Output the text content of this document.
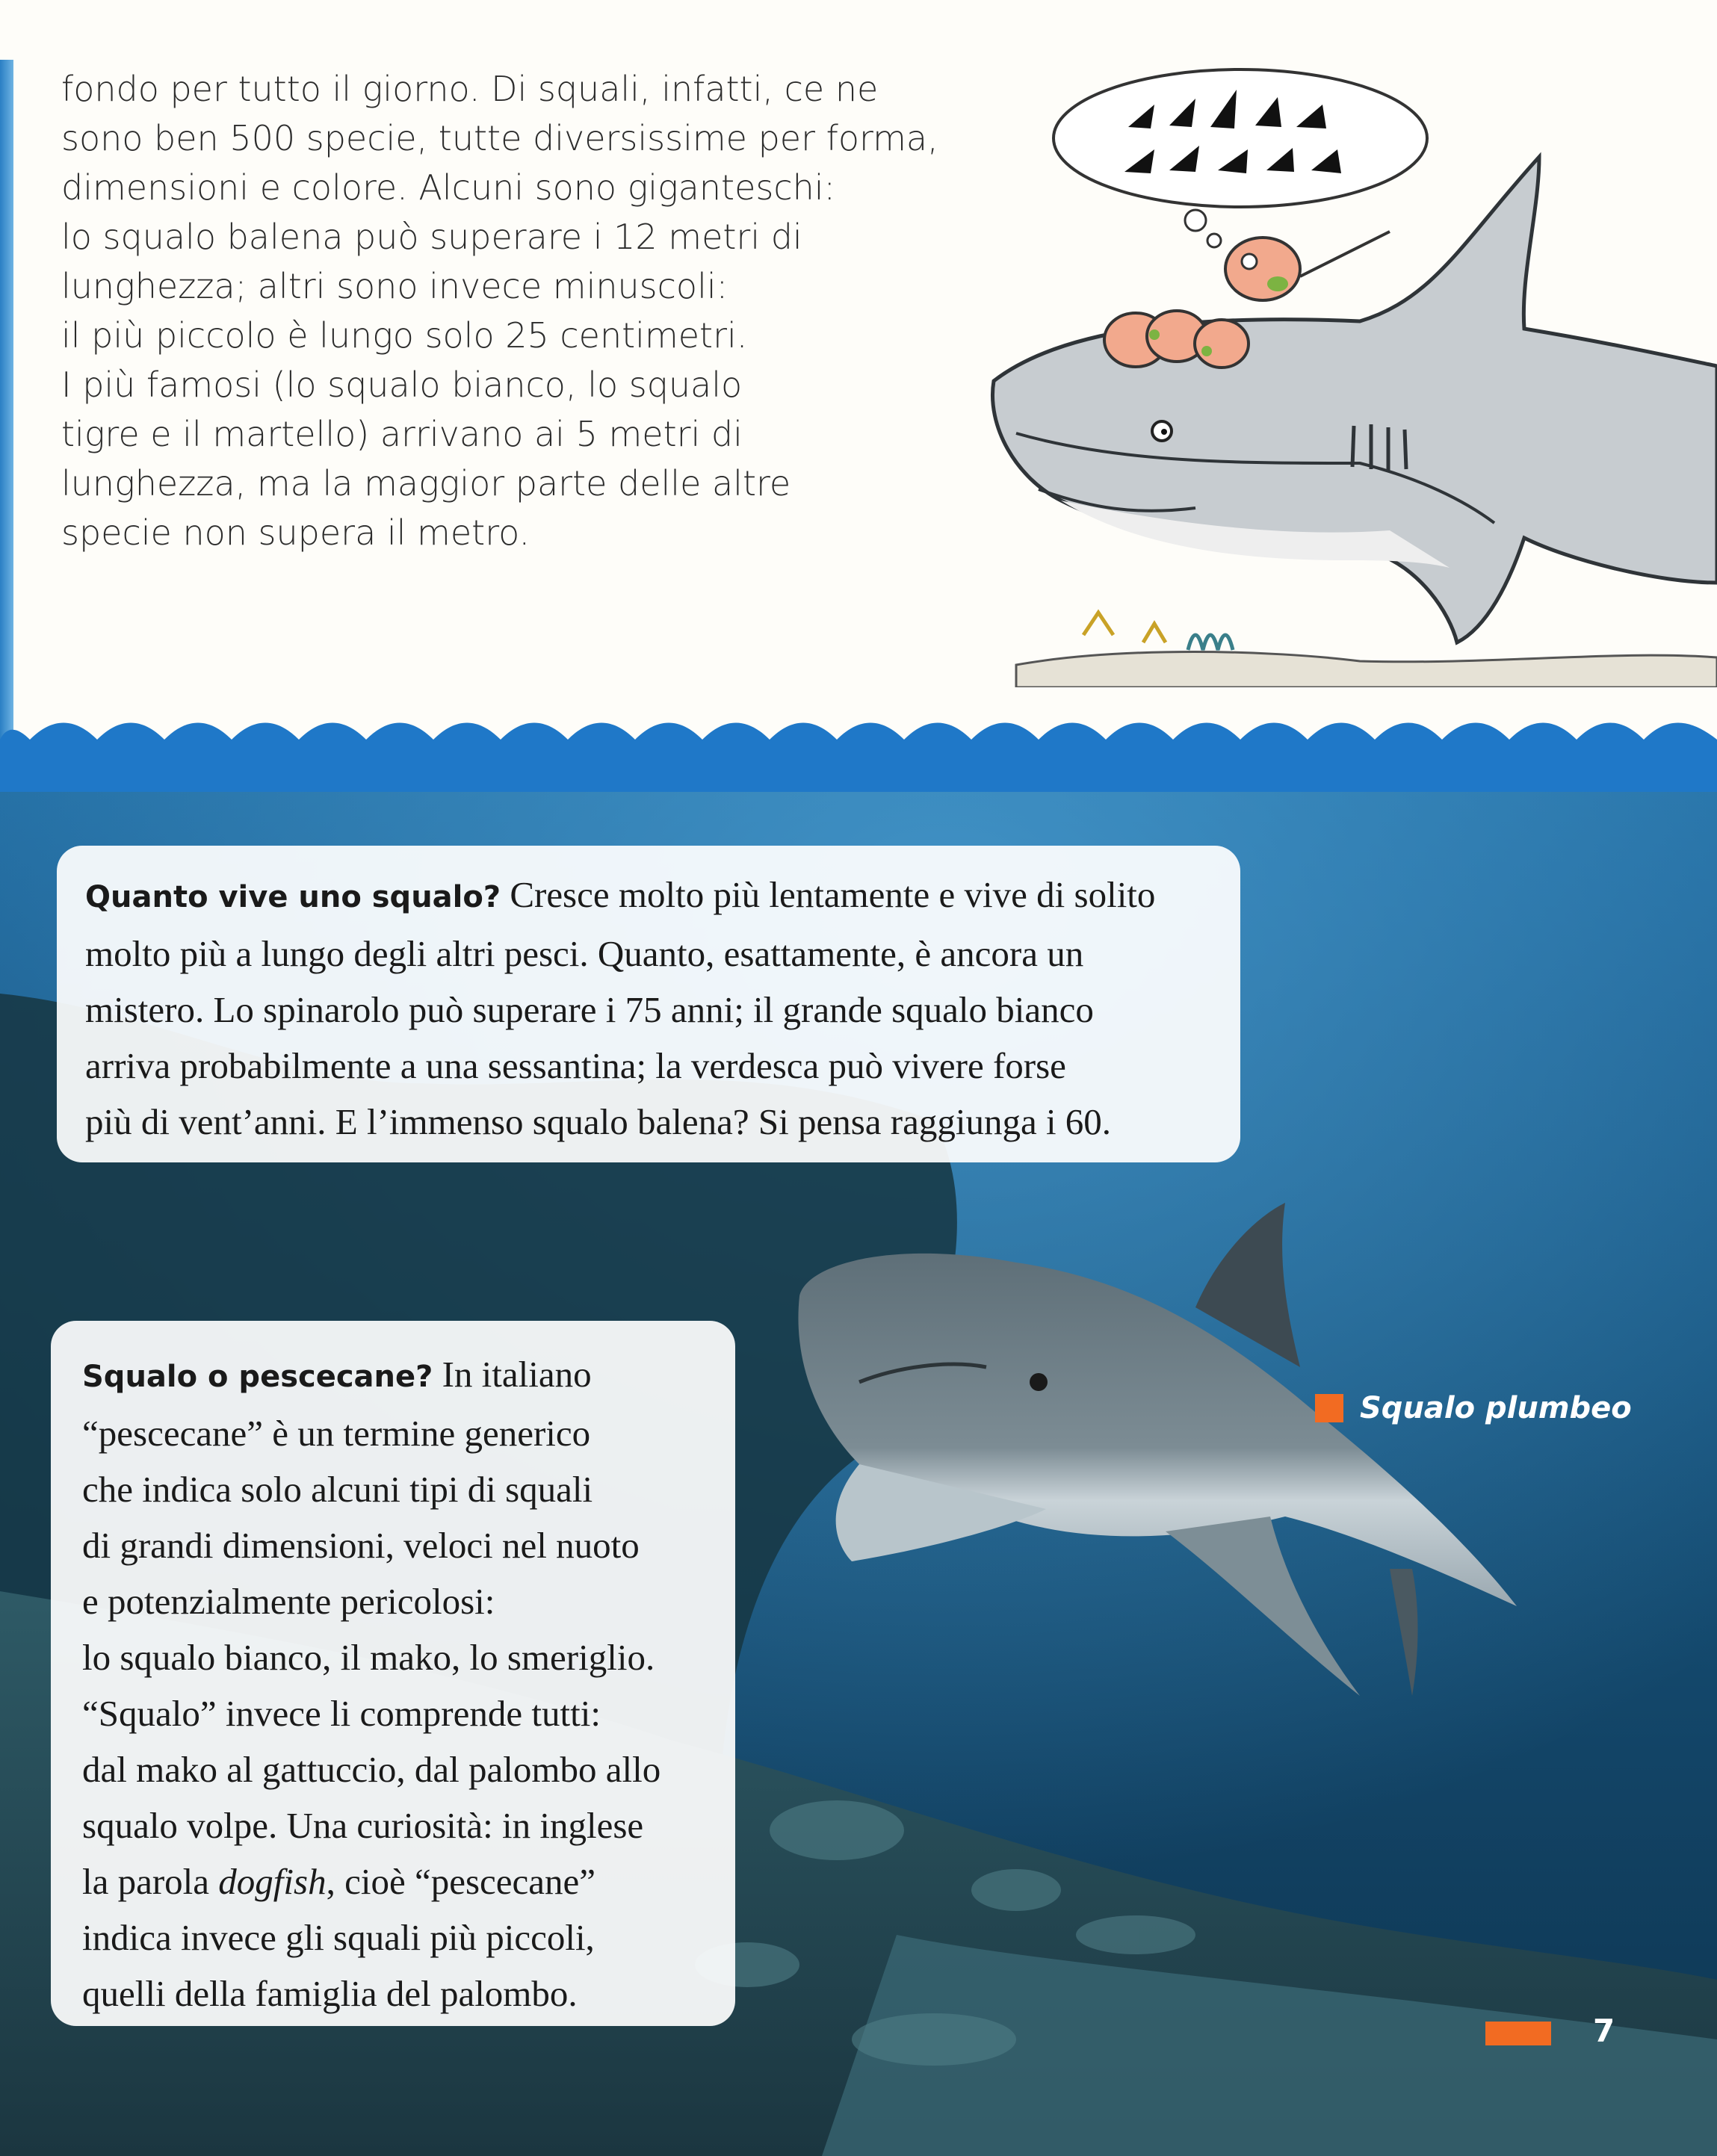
fondo per tutto il giorno. Di squali, infatti, ce ne
sono ben 500 specie, tutte diversissime per forma,
dimensioni e colore. Alcuni sono giganteschi:
lo squalo balena può superare i 12 metri di
lunghezza; altri sono invece minuscoli:
il più piccolo è lungo solo 25 centimetri.
I più famosi (lo squalo bianco, lo squalo
tigre e il martello) arrivano ai 5 metri di
lunghezza, ma la maggior parte delle altre
specie non supera il metro.
Quanto vive uno squalo? Cresce molto più lentamente e vive di solito
molto più a lungo degli altri pesci. Quanto, esattamente, è ancora un
mistero. Lo spinarolo può superare i 75 anni; il grande squalo bianco
arriva probabilmente a una sessantina; la verdesca può vivere forse
più di vent’anni. E l’immenso squalo balena? Si pensa raggiunga i 60.
Squalo o pescecane? In italiano
“pescecane” è un termine generico
che indica solo alcuni tipi di squali
di grandi dimensioni, veloci nel nuoto
e potenzialmente pericolosi:
lo squalo bianco, il mako, lo smeriglio.
“Squalo” invece li comprende tutti:
dal mako al gattuccio, dal palombo allo
squalo volpe. Una curiosità: in inglese
la parola dogfish, cioè “pescecane”
indica invece gli squali più piccoli,
quelli della famiglia del palombo.
Squalo plumbeo
7
